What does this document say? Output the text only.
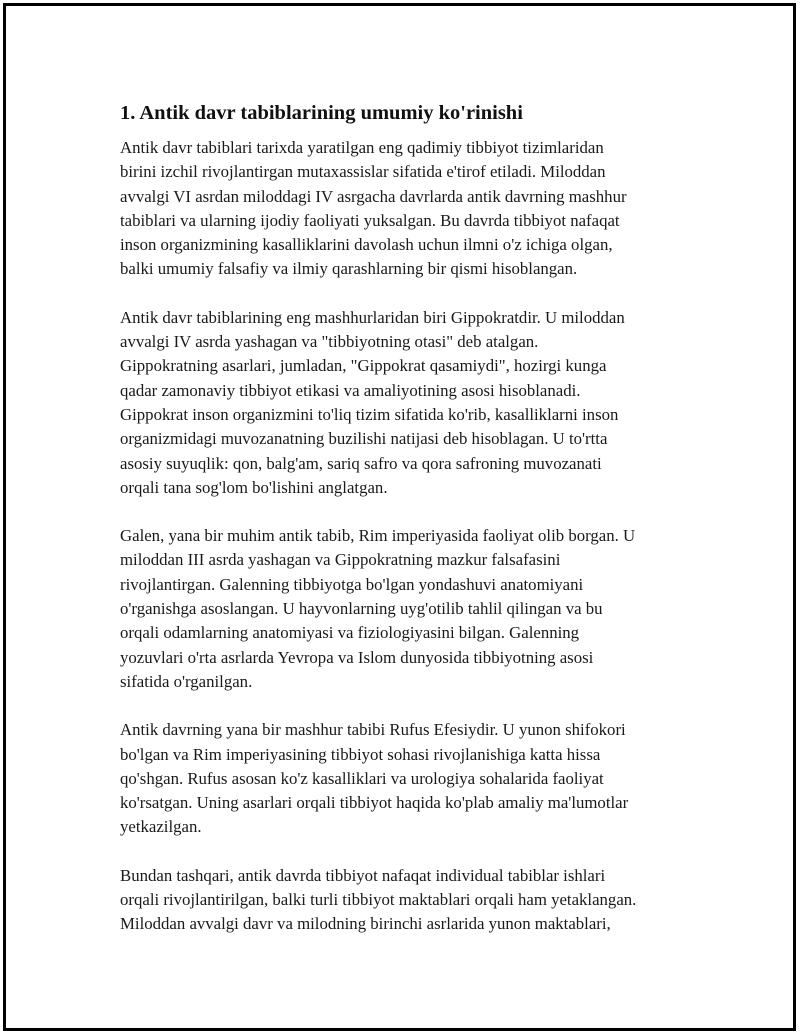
1. Antik davr tabiblarining umumiy ko'rinishi

Antik davr tabiblari tarixda yaratilgan eng qadimiy tibbiyot tizimlaridan
birini izchil rivojlantirgan mutaxassislar sifatida e'tirof etiladi. Miloddan
avvalgi VI asrdan miloddagi IV asrgacha davrlarda antik davrning mashhur
tabiblari va ularning ijodiy faoliyati yuksalgan. Bu davrda tibbiyot nafaqat
inson organizmining kasalliklarini davolash uchun ilmni o'z ichiga olgan,
balki umumiy falsafiy va ilmiy qarashlarning bir qismi hisoblangan.

Antik davr tabiblarining eng mashhurlaridan biri Gippokratdir. U miloddan
avvalgi IV asrda yashagan va "tibbiyotning otasi" deb atalgan.
Gippokratning asarlari, jumladan, "Gippokrat qasamiydi", hozirgi kunga
qadar zamonaviy tibbiyot etikasi va amaliyotining asosi hisoblanadi.
Gippokrat inson organizmini to'liq tizim sifatida ko'rib, kasalliklarni inson
organizmidagi muvozanatning buzilishi natijasi deb hisoblagan. U to'rtta
asosiy suyuqlik: qon, balg'am, sariq safro va qora safroning muvozanati
orqali tana sog'lom bo'lishini anglatgan.

Galen, yana bir muhim antik tabib, Rim imperiyasida faoliyat olib borgan. U
miloddan III asrda yashagan va Gippokratning mazkur falsafasini
rivojlantirgan. Galenning tibbiyotga bo'lgan yondashuvi anatomiyani
o'rganishga asoslangan. U hayvonlarning uyg'otilib tahlil qilingan va bu
orqali odamlarning anatomiyasi va fiziologiyasini bilgan. Galenning
yozuvlari o'rta asrlarda Yevropa va Islom dunyosida tibbiyotning asosi
sifatida o'rganilgan.

Antik davrning yana bir mashhur tabibi Rufus Efesiydir. U yunon shifokori
bo'lgan va Rim imperiyasining tibbiyot sohasi rivojlanishiga katta hissa
qo'shgan. Rufus asosan ko'z kasalliklari va urologiya sohalarida faoliyat
ko'rsatgan. Uning asarlari orqali tibbiyot haqida ko'plab amaliy ma'lumotlar
yetkazilgan.

Bundan tashqari, antik davrda tibbiyot nafaqat individual tabiblar ishlari
orqali rivojlantirilgan, balki turli tibbiyot maktablari orqali ham yetaklangan.
Miloddan avvalgi davr va milodning birinchi asrlarida yunon maktablari,
